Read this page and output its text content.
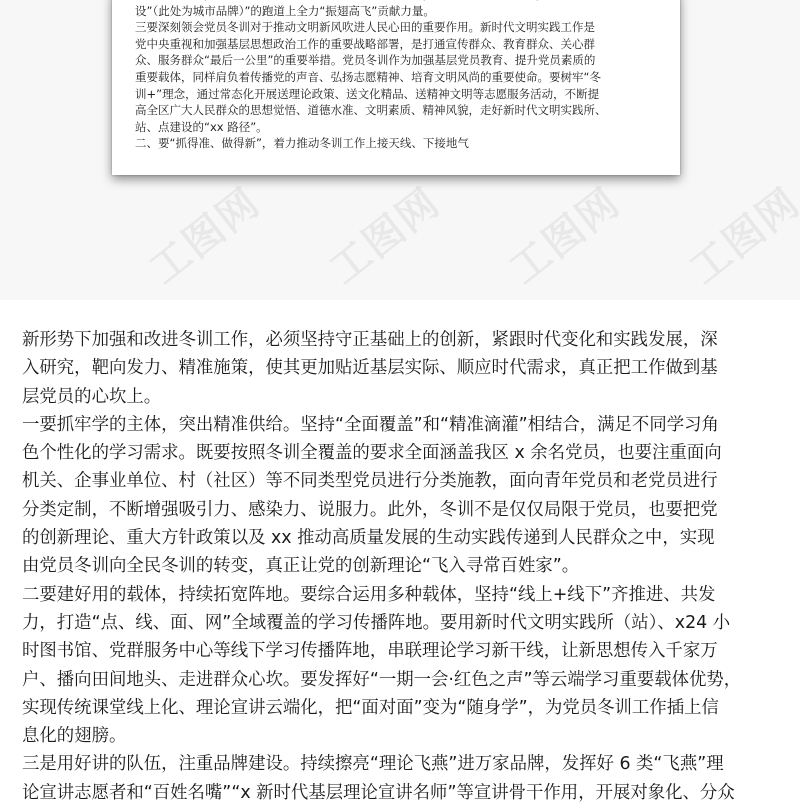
设”（此处为城市品牌）”的跑道上全力“振翅高飞”贡献力量。
三要深刻领会党员冬训对于推动文明新风吹进人民心田的重要作用。新时代文明实践工作是
党中央重视和加强基层思想政治工作的重要战略部署，是打通宣传群众、教育群众、关心群
众、服务群众“最后一公里”的重要举措。党员冬训作为加强基层党员教育、提升党员素质的
重要载体，同样肩负着传播党的声音、弘扬志愿精神、培育文明风尚的重要使命。要树牢“冬
训+”理念，通过常态化开展送理论政策、送文化精品、送精神文明等志愿服务活动，不断提
高全区广大人民群众的思想觉悟、道德水准、文明素质、精神风貌，走好新时代文明实践所、
站、点建设的“xx 路径”。
二、要“抓得准、做得新”，着力推动冬训工作上接天线、下接地气
工图网 工图网 工图网 工图网
新形势下加强和改进冬训工作，必须坚持守正基础上的创新，紧跟时代变化和实践发展，深
入研究，靶向发力、精准施策，使其更加贴近基层实际、顺应时代需求，真正把工作做到基
层党员的心坎上。
一要抓牢学的主体，突出精准供给。坚持“全面覆盖”和“精准滴灌”相结合，满足不同学习角
色个性化的学习需求。既要按照冬训全覆盖的要求全面涵盖我区 x 余名党员，也要注重面向
机关、企事业单位、村（社区）等不同类型党员进行分类施教，面向青年党员和老党员进行
分类定制，不断增强吸引力、感染力、说服力。此外，冬训不是仅仅局限于党员，也要把党
的创新理论、重大方针政策以及 xx 推动高质量发展的生动实践传递到人民群众之中，实现
由党员冬训向全民冬训的转变，真正让党的创新理论“飞入寻常百姓家”。
二要建好用的载体，持续拓宽阵地。要综合运用多种载体，坚持“线上+线下”齐推进、共发
力，打造“点、线、面、网”全域覆盖的学习传播阵地。要用新时代文明实践所（站）、x24 小
时图书馆、党群服务中心等线下学习传播阵地，串联理论学习新干线，让新思想传入千家万
户、播向田间地头、走进群众心坎。要发挥好“一期一会·红色之声”等云端学习重要载体优势，
实现传统课堂线上化、理论宣讲云端化，把“面对面”变为“随身学”，为党员冬训工作插上信
息化的翅膀。
三是用好讲的队伍，注重品牌建设。持续擦亮“理论飞燕”进万家品牌，发挥好 6 类“飞燕”理
论宣讲志愿者和“百姓名嘴”“x 新时代基层理论宣讲名师”等宣讲骨干作用，开展对象化、分众
